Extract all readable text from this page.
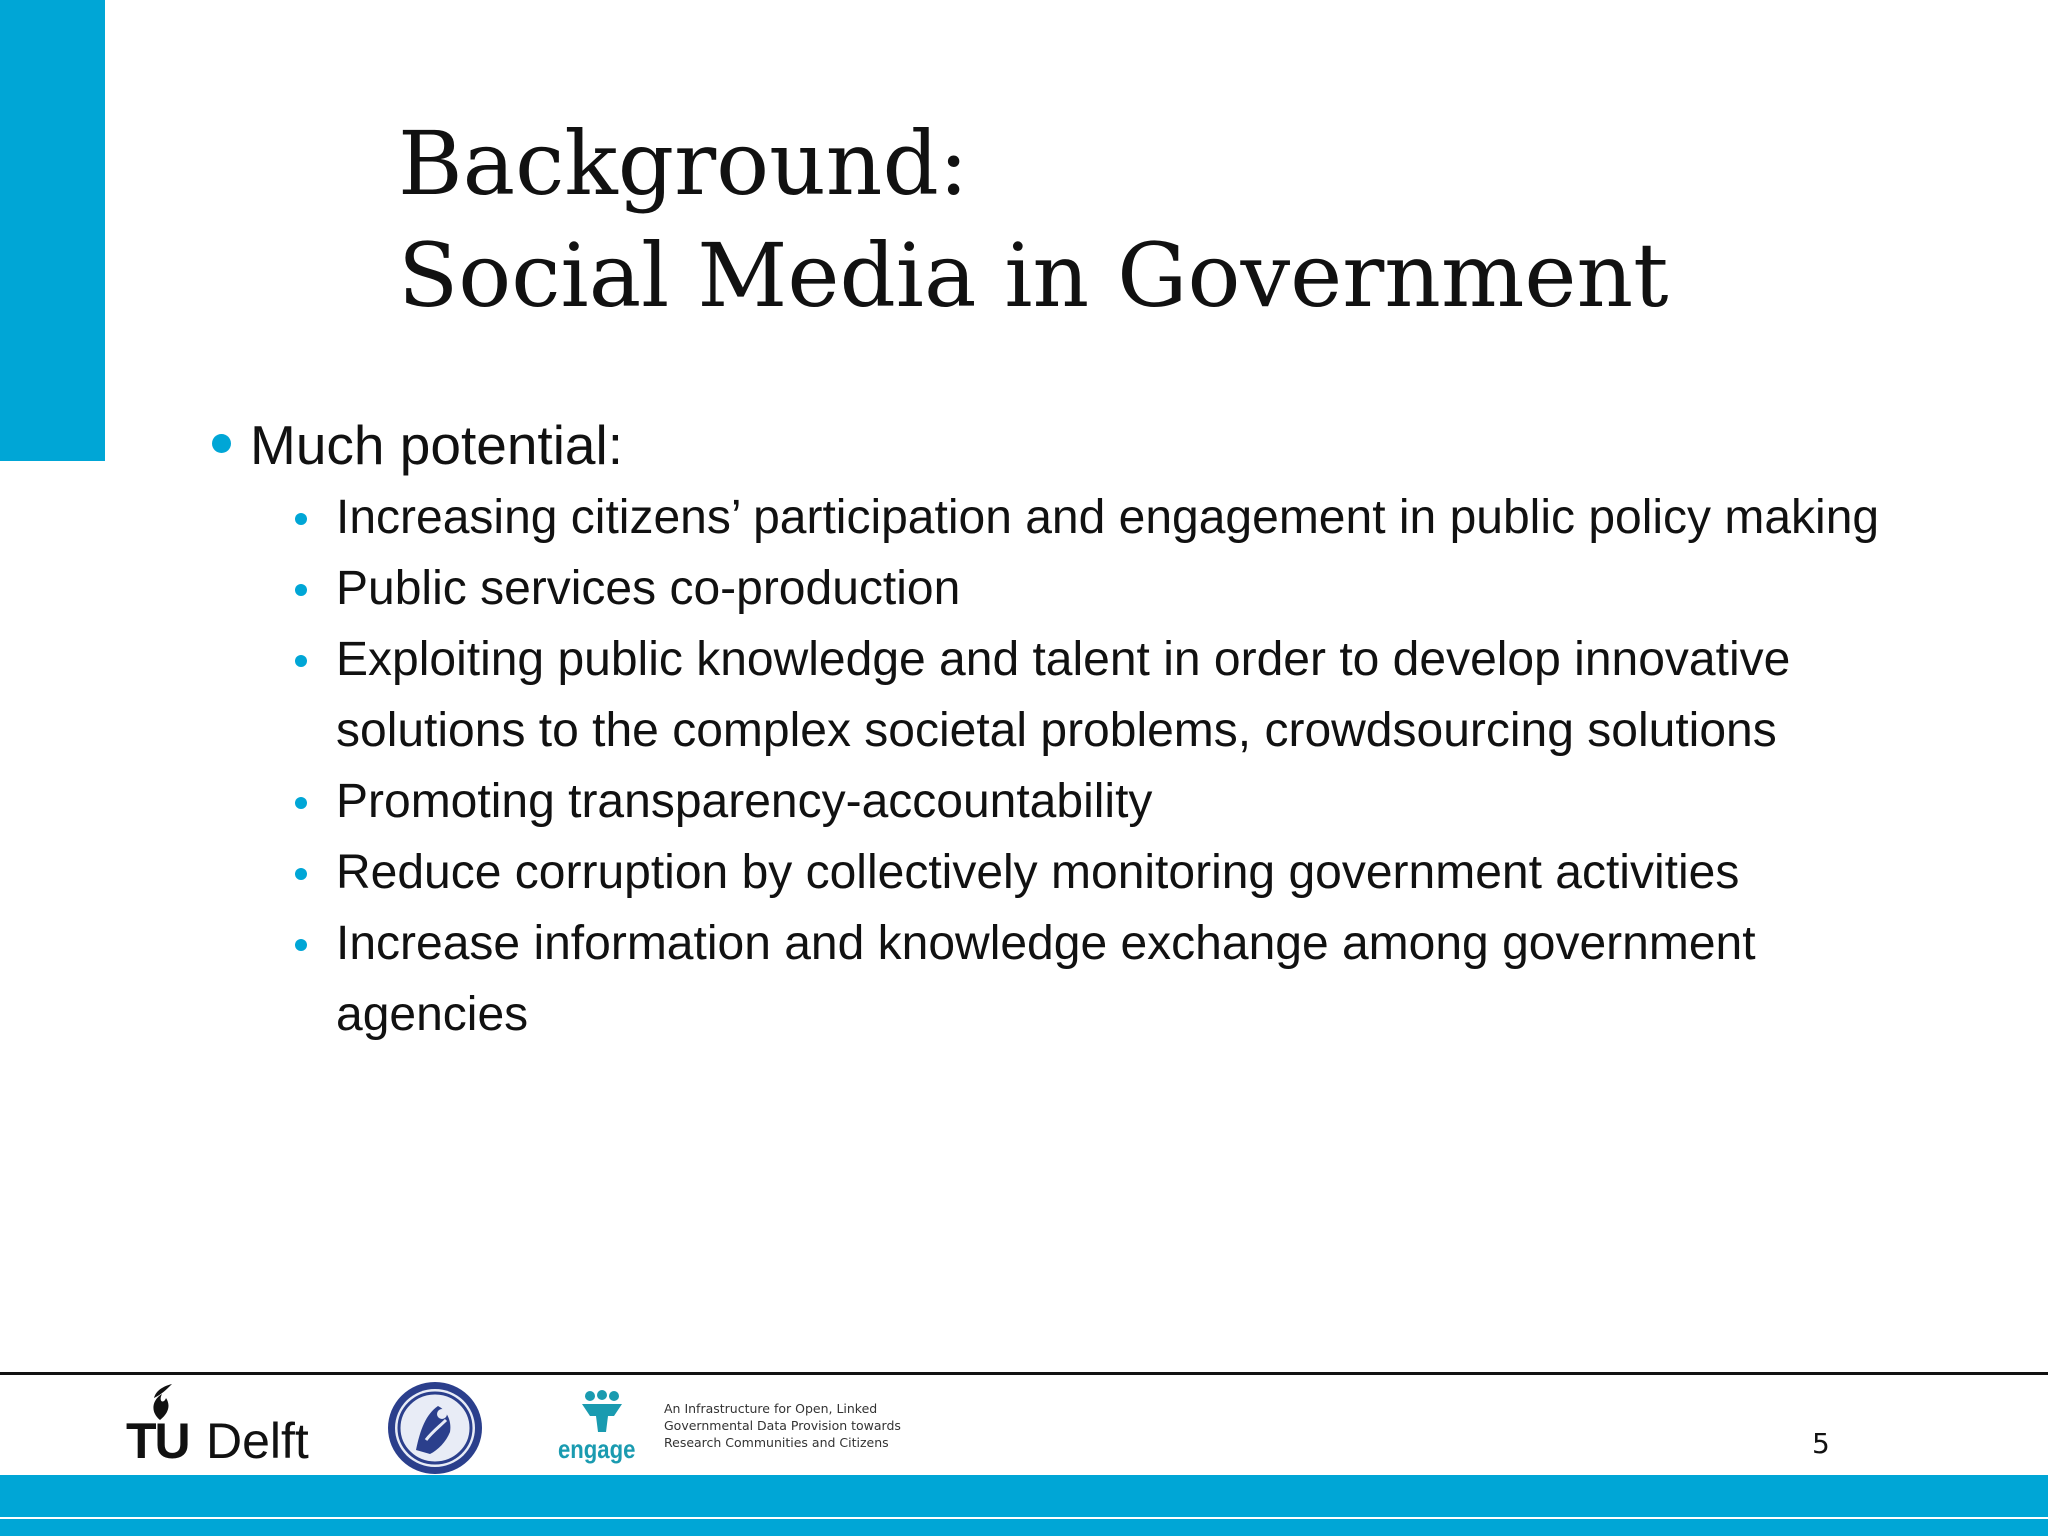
Background:
Social Media in Government
Much potential:
Increasing citizens’ participation and engagement in public policy making
Public services co-production
Exploiting public knowledge and talent in order to develop innovative solutions to the complex societal problems, crowdsourcing solutions
Promoting transparency-accountability
Reduce corruption by collectively monitoring government activities
Increase information and knowledge exchange among government agencies
TU Delft	engage
An Infrastructure for Open, Linked
Governmental Data Provision towards
Research Communities and Citizens	5
